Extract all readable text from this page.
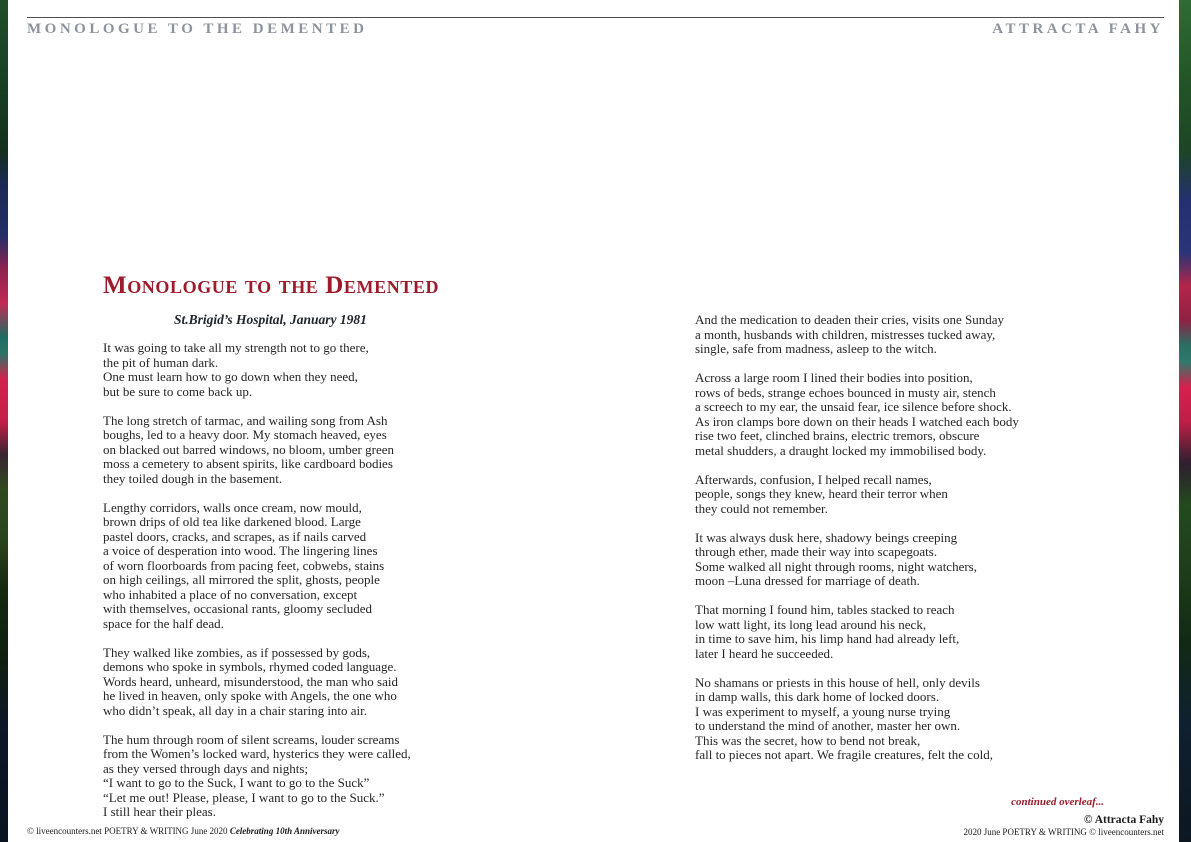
MONOLOGUE TO THE DEMENTED	ATTRACTA FAHY
Monologue to the Demented
St.Brigid’s Hospital, January 1981
It was going to take all my strength not to go there,
the pit of human dark.
One must learn how to go down when they need,
but be sure to come back up.
The long stretch of tarmac, and wailing song from Ash
boughs, led to a heavy door. My stomach heaved, eyes
on blacked out barred windows, no bloom, umber green
moss a cemetery to absent spirits, like cardboard bodies
they toiled dough in the basement.
Lengthy corridors, walls once cream, now mould,
brown drips of old tea like darkened blood. Large
pastel doors, cracks, and scrapes, as if nails carved
a voice of desperation into wood. The lingering lines
of worn floorboards from pacing feet, cobwebs, stains
on high ceilings, all mirrored the split, ghosts, people
who inhabited a place of no conversation, except
with themselves, occasional rants, gloomy secluded
space for the half dead.
They walked like zombies, as if possessed by gods,
demons who spoke in symbols, rhymed coded language.
Words heard, unheard, misunderstood, the man who said
he lived in heaven, only spoke with Angels, the one who
who didn’t speak, all day in a chair staring into air.
The hum through room of silent screams, louder screams
from the Women’s locked ward, hysterics they were called,
as they versed through days and nights;
“I want to go to the Suck, I want to go to the Suck”
“Let me out! Please, please, I want to go to the Suck.”
I still hear their pleas.
And the medication to deaden their cries, visits one Sunday
a month, husbands with children, mistresses tucked away,
single, safe from madness, asleep to the witch.
Across a large room I lined their bodies into position,
rows of beds, strange echoes bounced in musty air, stench
a screech to my ear, the unsaid fear, ice silence before shock.
As iron clamps bore down on their heads I watched each body
rise two feet, clinched brains, electric tremors, obscure
metal shudders, a draught locked my immobilised body.
Afterwards, confusion, I helped recall names,
people, songs they knew, heard their terror when
they could not remember.
It was always dusk here, shadowy beings creeping
through ether, made their way into scapegoats.
Some walked all night through rooms, night watchers,
moon –Luna dressed for marriage of death.
That morning I found him, tables stacked to reach
low watt light, its long lead around his neck,
in time to save him, his limp hand had already left,
later I heard he succeeded.
No shamans or priests in this house of hell, only devils
in damp walls, this dark home of locked doors.
I was experiment to myself, a young nurse trying
to understand the mind of another, master her own.
This was the secret, how to bend not break,
fall to pieces not apart. We fragile creatures, felt the cold,
continued overleaf...
© liveencounters.net POETRY & WRITING June 2020 Celebrating 10th Anniversary
© Attracta Fahy
2020 June POETRY & WRITING © liveencounters.net
